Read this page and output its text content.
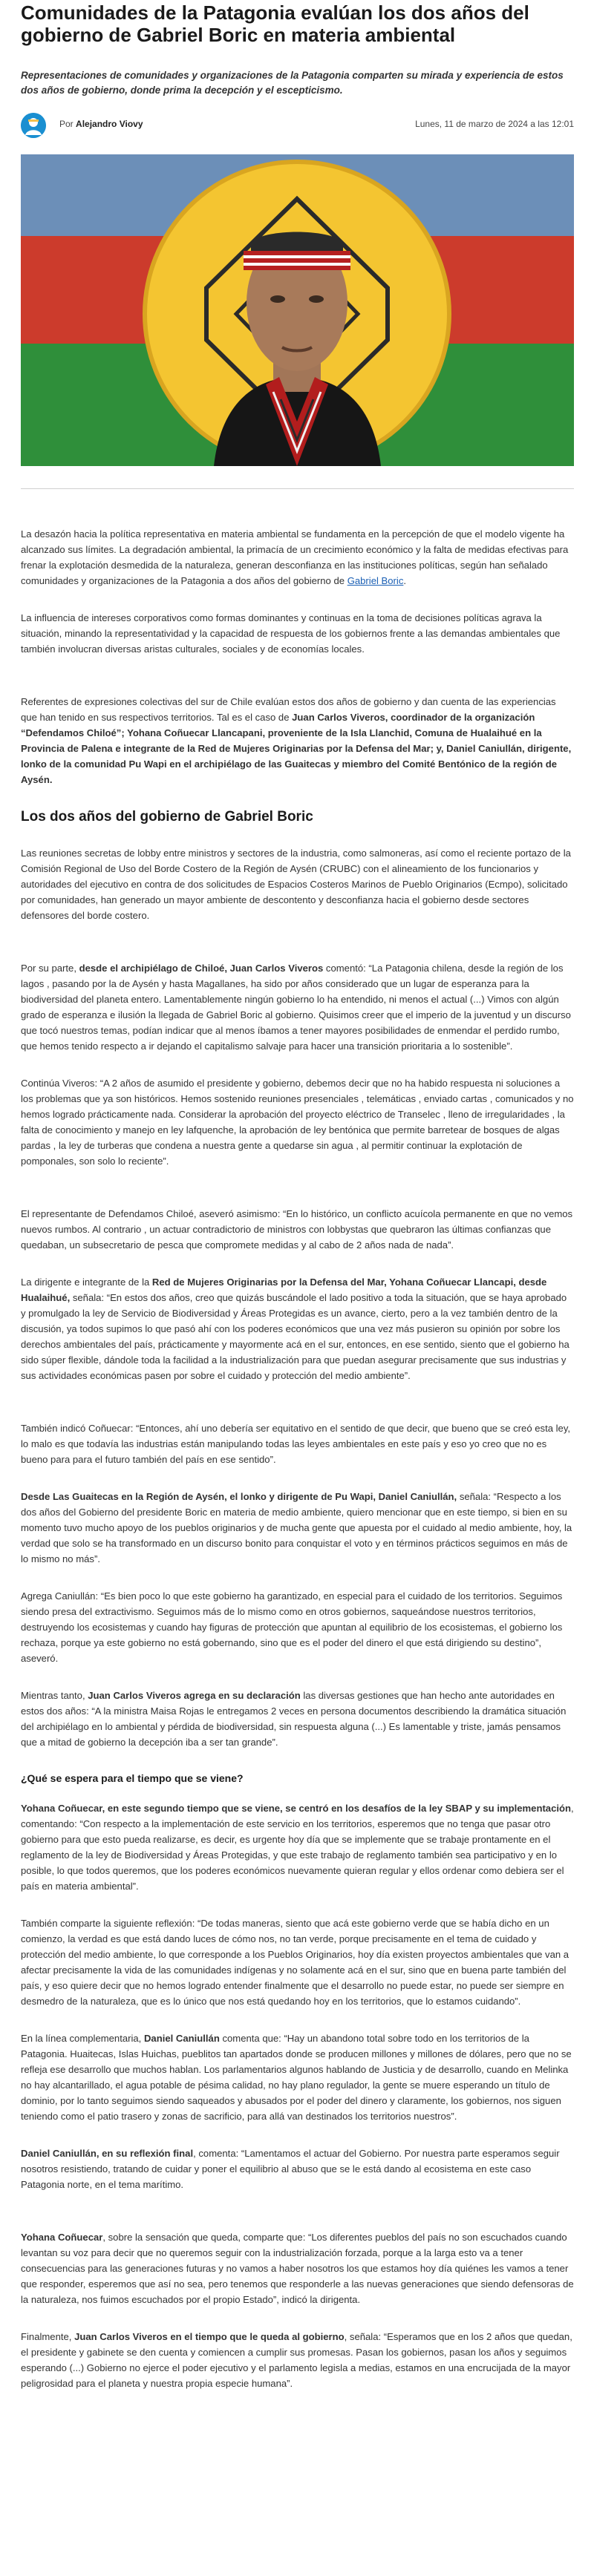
Comunidades de la Patagonia evalúan los dos años del gobierno de Gabriel Boric en materia ambiental
Representaciones de comunidades y organizaciones de la Patagonia comparten su mirada y experiencia de estos dos años de gobierno, donde prima la decepción y el escepticismo.
Por Alejandro Viovy	Lunes, 11 de marzo de 2024 a las 12:01

La desazón hacia la política representativa en materia ambiental se fundamenta en la percepción de que el modelo vigente ha alcanzado sus límites. La degradación ambiental, la primacía de un crecimiento económico y la falta de medidas efectivas para frenar la explotación desmedida de la naturaleza, generan desconfianza en las instituciones políticas, según han señalado comunidades y organizaciones de la Patagonia a dos años del gobierno de Gabriel Boric.

La influencia de intereses corporativos como formas dominantes y continuas en la toma de decisiones políticas agrava la situación, minando la representatividad y la capacidad de respuesta de los gobiernos frente a las demandas ambientales que también involucran diversas aristas culturales, sociales y de economías locales.

Referentes de expresiones colectivas del sur de Chile evalúan estos dos años de gobierno y dan cuenta de las experiencias que han tenido en sus respectivos territorios. Tal es el caso de Juan Carlos Viveros, coordinador de la organización “Defendamos Chiloé”; Yohana Coñuecar Llancapani, proveniente de la Isla Llanchid, Comuna de Hualaihué en la Provincia de Palena e integrante de la Red de Mujeres Originarias por la Defensa del Mar; y, Daniel Caniullán, dirigente, lonko de la comunidad Pu Wapi en el archipiélago de las Guaitecas y miembro del Comité Bentónico de la región de Aysén.

Los dos años del gobierno de Gabriel Boric

Las reuniones secretas de lobby entre ministros y sectores de la industria, como salmoneras, así como el reciente portazo de la Comisión Regional de Uso del Borde Costero de la Región de Aysén (CRUBC) con el alineamiento de los funcionarios y autoridades del ejecutivo en contra de dos solicitudes de Espacios Costeros Marinos de Pueblo Originarios (Ecmpo), solicitado por comunidades, han generado un mayor ambiente de descontento y desconfianza hacia el gobierno desde sectores defensores del borde costero.

Por su parte, desde el archipiélago de Chiloé, Juan Carlos Viveros comentó: “La Patagonia chilena, desde la región de los lagos , pasando por la de Aysén y hasta Magallanes, ha sido por años considerado que un lugar de esperanza para la biodiversidad del planeta entero. Lamentablemente ningún gobierno lo ha entendido, ni menos el actual (...) Vimos con algún grado de esperanza e ilusión la llegada de Gabriel Boric al gobierno. Quisimos creer que el imperio de la juventud y un discurso que tocó nuestros temas, podían indicar que al menos íbamos a tener mayores posibilidades de enmendar el perdido rumbo, que hemos tenido respecto a ir dejando el capitalismo salvaje para hacer una transición prioritaria a lo sostenible”.

Continúa Viveros: “A 2 años de asumido el presidente y gobierno, debemos decir que no ha habido respuesta ni soluciones a los problemas que ya son históricos. Hemos sostenido reuniones presenciales , telemáticas , enviado cartas , comunicados y no hemos logrado prácticamente nada. Considerar la aprobación del proyecto eléctrico de Transelec , lleno de irregularidades , la falta de conocimiento y manejo en ley lafquenche, la aprobación de ley bentónica que permite barretear de bosques de algas pardas , la ley de turberas que condena a nuestra gente a quedarse sin agua , al permitir continuar la explotación de pomponales, son solo lo reciente”.

El representante de Defendamos Chiloé, aseveró asimismo: “En lo histórico, un conflicto acuícola permanente en que no vemos nuevos rumbos. Al contrario , un actuar contradictorio de ministros con lobbystas que quebraron las últimas confianzas que quedaban, un subsecretario de pesca que compromete medidas y al cabo de 2 años nada de nada”.

La dirigente e integrante de la Red de Mujeres Originarias por la Defensa del Mar, Yohana Coñuecar Llancapi, desde Hualaihué, señala: “En estos dos años, creo que quizás buscándole el lado positivo a toda la situación, que se haya aprobado y promulgado la ley de Servicio de Biodiversidad y Áreas Protegidas es un avance, cierto, pero a la vez también dentro de la discusión, ya todos supimos lo que pasó ahí con los poderes económicos que una vez más pusieron su opinión por sobre los derechos ambientales del país, prácticamente y mayormente acá en el sur, entonces, en ese sentido, siento que el gobierno ha sido súper flexible, dándole toda la facilidad a la industrialización para que puedan asegurar precisamente que sus industrias y sus actividades económicas pasen por sobre el cuidado y protección del medio ambiente”.

También indicó Coñuecar: “Entonces, ahí uno debería ser equitativo en el sentido de que decir, que bueno que se creó esta ley, lo malo es que todavía las industrias están manipulando todas las leyes ambientales en este país y eso yo creo que no es bueno para para el futuro también del país en ese sentido”.

Desde Las Guaitecas en la Región de Aysén, el lonko y dirigente de Pu Wapi, Daniel Caniullán, señala: “Respecto a los dos años del Gobierno del presidente Boric en materia de medio ambiente, quiero mencionar que en este tiempo, si bien en su momento tuvo mucho apoyo de los pueblos originarios y de mucha gente que apuesta por el cuidado al medio ambiente, hoy, la verdad que solo se ha transformado en un discurso bonito para conquistar el voto y en términos prácticos seguimos en más de lo mismo no más”.

Agrega Caniullán: “Es bien poco lo que este gobierno ha garantizado, en especial para el cuidado de los territorios. Seguimos siendo presa del extractivismo. Seguimos más de lo mismo como en otros gobiernos, saqueándose nuestros territorios, destruyendo los ecosistemas y cuando hay figuras de protección que apuntan al equilibrio de los ecosistemas, el gobierno los rechaza, porque ya este gobierno no está gobernando, sino que es el poder del dinero el que está dirigiendo su destino”, aseveró.

Mientras tanto, Juan Carlos Viveros agrega en su declaración las diversas gestiones que han hecho ante autoridades en estos dos años: “A la ministra Maisa Rojas le entregamos 2 veces en persona documentos describiendo la dramática situación del archipiélago en lo ambiental y pérdida de biodiversidad, sin respuesta alguna (...) Es lamentable y triste, jamás pensamos que a mitad de gobierno la decepción iba a ser tan grande”.

¿Qué se espera para el tiempo que se viene?

Yohana Coñuecar, en este segundo tiempo que se viene, se centró en los desafíos de la ley SBAP y su implementación, comentando: “Con respecto a la implementación de este servicio en los territorios, esperemos que no tenga que pasar otro gobierno para que esto pueda realizarse, es decir, es urgente hoy día que se implemente que se trabaje prontamente en el reglamento de la ley de Biodiversidad y Áreas Protegidas, y que este trabajo de reglamento también sea participativo y en lo posible, lo que todos queremos, que los poderes económicos nuevamente quieran regular y ellos ordenar como debiera ser el país en materia ambiental”.

También comparte la siguiente reflexión: “De todas maneras, siento que acá este gobierno verde que se había dicho en un comienzo, la verdad es que está dando luces de cómo nos, no tan verde, porque precisamente en el tema de cuidado y protección del medio ambiente, lo que corresponde a los Pueblos Originarios, hoy día existen proyectos ambientales que van a afectar precisamente la vida de las comunidades indígenas y no solamente acá en el sur, sino que en buena parte también del país, y eso quiere decir que no hemos logrado entender finalmente que el desarrollo no puede estar, no puede ser siempre en desmedro de la naturaleza, que es lo único que nos está quedando hoy en los territorios, que lo estamos cuidando”.

En la línea complementaria, Daniel Caniullán comenta que: “Hay un abandono total sobre todo en los territorios de la Patagonia. Huaitecas, Islas Huichas, pueblitos tan apartados donde se producen millones y millones de dólares, pero que no se refleja ese desarrollo que muchos hablan. Los parlamentarios algunos hablando de Justicia y de desarrollo, cuando en Melinka no hay alcantarillado, el agua potable de pésima calidad, no hay plano regulador, la gente se muere esperando un título de dominio, por lo tanto seguimos siendo saqueados y abusados por el poder del dinero y claramente, los gobiernos, nos siguen teniendo como el patio trasero y zonas de sacrificio, para allá van destinados los territorios nuestros”.

Daniel Caniullán, en su reflexión final, comenta: “Lamentamos el actuar del Gobierno. Por nuestra parte esperamos seguir nosotros resistiendo, tratando de cuidar y poner el equilibrio al abuso que se le está dando al ecosistema en este caso Patagonia norte, en el tema marítimo.

Yohana Coñuecar, sobre la sensación que queda, comparte que: “Los diferentes pueblos del país no son escuchados cuando levantan su voz para decir que no queremos seguir con la industrialización forzada, porque a la larga esto va a tener consecuencias para las generaciones futuras y no vamos a haber nosotros los que estamos hoy día quiénes les vamos a tener que responder, esperemos que así no sea, pero tenemos que responderle a las nuevas generaciones que siendo defensoras de la naturaleza, nos fuimos escuchados por el propio Estado”, indicó la dirigenta.

Finalmente, Juan Carlos Viveros en el tiempo que le queda al gobierno, señala: “Esperamos que en los 2 años que quedan, el presidente y gabinete se den cuenta y comiencen a cumplir sus promesas. Pasan los gobiernos, pasan los años y seguimos esperando (...) Gobierno no ejerce el poder ejecutivo y el parlamento legisla a medias, estamos en una encrucijada de la mayor peligrosidad para el planeta y nuestra propia especie humana”.
